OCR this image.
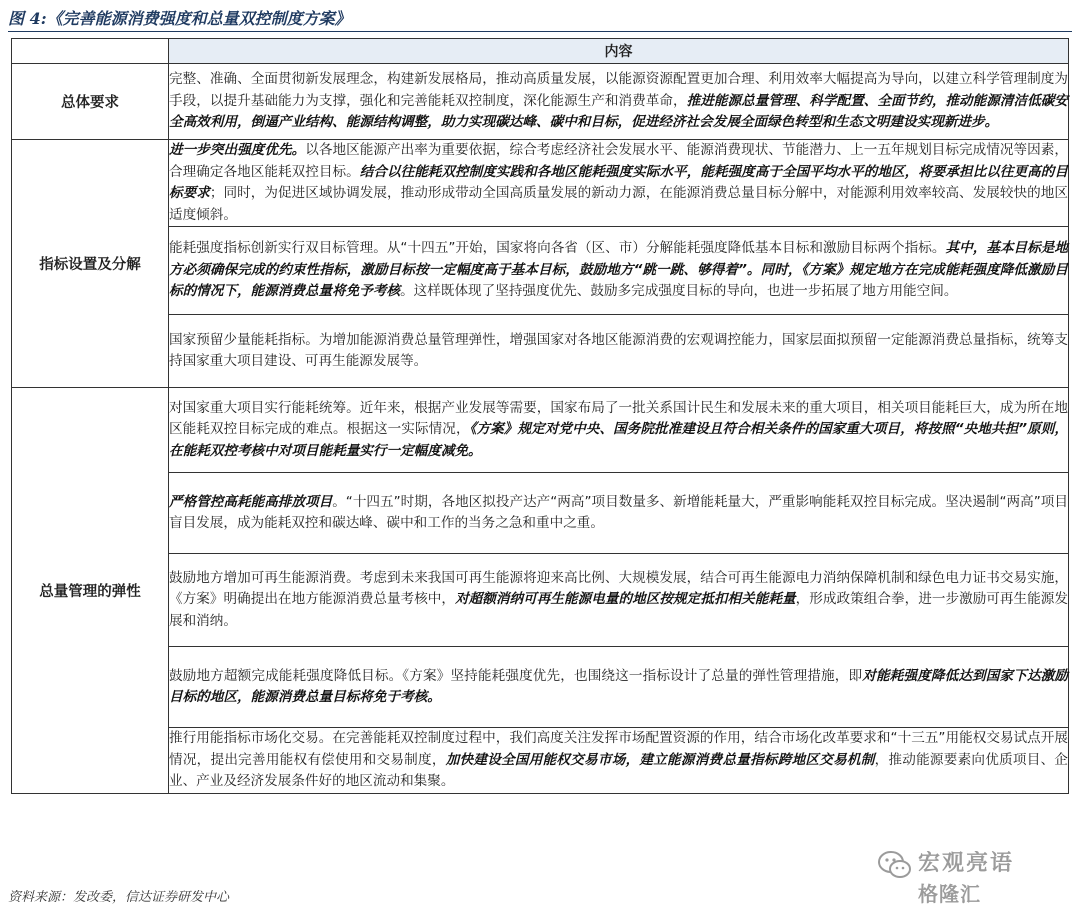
图 4:《完善能源消费强度和总量双控制度方案》
	内容
总体要求	完整、准确、全面贯彻新发展理念，构建新发展格局，推动高质量发展，以能源资源配置更加合理、利用效率大幅提高为导向，以建立科学管理制度为手段，以提升基础能力为支撑，强化和完善能耗双控制度，深化能源生产和消费革命，推进能源总量管理、科学配置、全面节约，推动能源清洁低碳安全高效利用，倒逼产业结构、能源结构调整，助力实现碳达峰、碳中和目标，促进经济社会发展全面绿色转型和生态文明建设实现新进步。
指标设置及分解	进一步突出强度优先。以各地区能源产出率为重要依据，综合考虑经济社会发展水平、能源消费现状、节能潜力、上一五年规划目标完成情况等因素，合理确定各地区能耗双控目标。结合以往能耗双控制度实践和各地区能耗强度实际水平，能耗强度高于全国平均水平的地区，将要承担比以往更高的目标要求；同时，为促进区域协调发展，推动形成带动全国高质量发展的新动力源，在能源消费总量目标分解中，对能源利用效率较高、发展较快的地区适度倾斜。
	能耗强度指标创新实行双目标管理。从“十四五”开始，国家将向各省（区、市）分解能耗强度降低基本目标和激励目标两个指标。其中，基本目标是地方必须确保完成的约束性指标，激励目标按一定幅度高于基本目标，鼓励地方“跳一跳、够得着”。同时，《方案》规定地方在完成能耗强度降低激励目标的情况下，能源消费总量将免予考核。这样既体现了坚持强度优先、鼓励多完成强度目标的导向，也进一步拓展了地方用能空间。
	国家预留少量能耗指标。为增加能源消费总量管理弹性，增强国家对各地区能源消费的宏观调控能力，国家层面拟预留一定能源消费总量指标，统筹支持国家重大项目建设、可再生能源发展等。
总量管理的弹性	对国家重大项目实行能耗统筹。近年来，根据产业发展等需要，国家布局了一批关系国计民生和发展未来的重大项目，相关项目能耗巨大，成为所在地区能耗双控目标完成的难点。根据这一实际情况，《方案》规定对党中央、国务院批准建设且符合相关条件的国家重大项目，将按照“央地共担”原则，在能耗双控考核中对项目能耗量实行一定幅度减免。
	严格管控高耗能高排放项目。“十四五”时期，各地区拟投产达产“两高”项目数量多、新增能耗量大，严重影响能耗双控目标完成。坚决遏制“两高”项目盲目发展，成为能耗双控和碳达峰、碳中和工作的当务之急和重中之重。
	鼓励地方增加可再生能源消费。考虑到未来我国可再生能源将迎来高比例、大规模发展，结合可再生能源电力消纳保障机制和绿色电力证书交易实施，《方案》明确提出在地方能源消费总量考核中，对超额消纳可再生能源电量的地区按规定抵扣相关能耗量，形成政策组合拳，进一步激励可再生能源发展和消纳。
	鼓励地方超额完成能耗强度降低目标。《方案》坚持能耗强度优先，也围绕这一指标设计了总量的弹性管理措施，即对能耗强度降低达到国家下达激励目标的地区，能源消费总量目标将免于考核。
	推行用能指标市场化交易。在完善能耗双控制度过程中，我们高度关注发挥市场配置资源的作用，结合市场化改革要求和“十三五”用能权交易试点开展情况，提出完善用能权有偿使用和交易制度，加快建设全国用能权交易市场，建立能源消费总量指标跨地区交易机制，推动能源要素向优质项目、企业、产业及经济发展条件好的地区流动和集聚。
资料来源：发改委，信达证券研发中心
宏观亮语
格隆汇
